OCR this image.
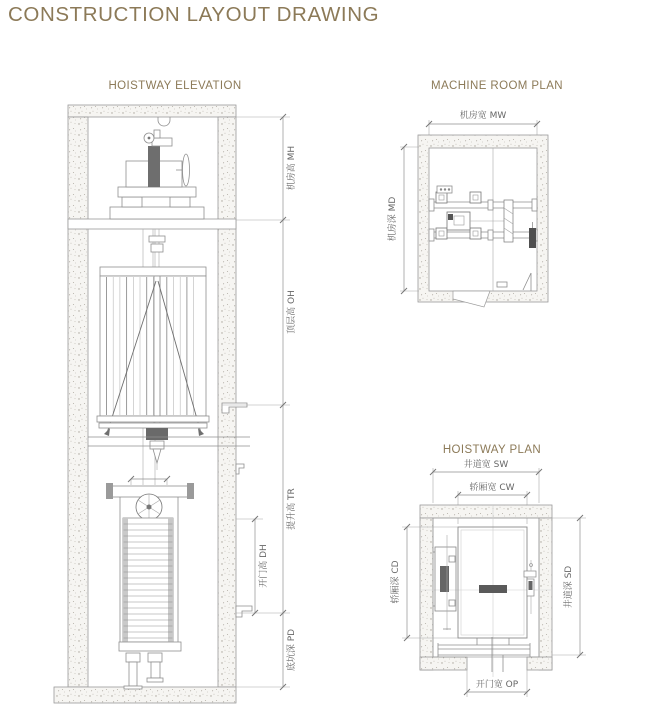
CONSTRUCTION LAYOUT DRAWING
HOISTWAY ELEVATION
机房高 MH
顶层高 OH
提升高 TR
开门高 DH
底坑深 PD
MACHINE ROOM PLAN
机房宽 MW
机房深 MD
HOISTWAY PLAN
井道宽 SW
轿厢宽 CW
井道深 SD
轿厢深 CD
开门宽 OP
